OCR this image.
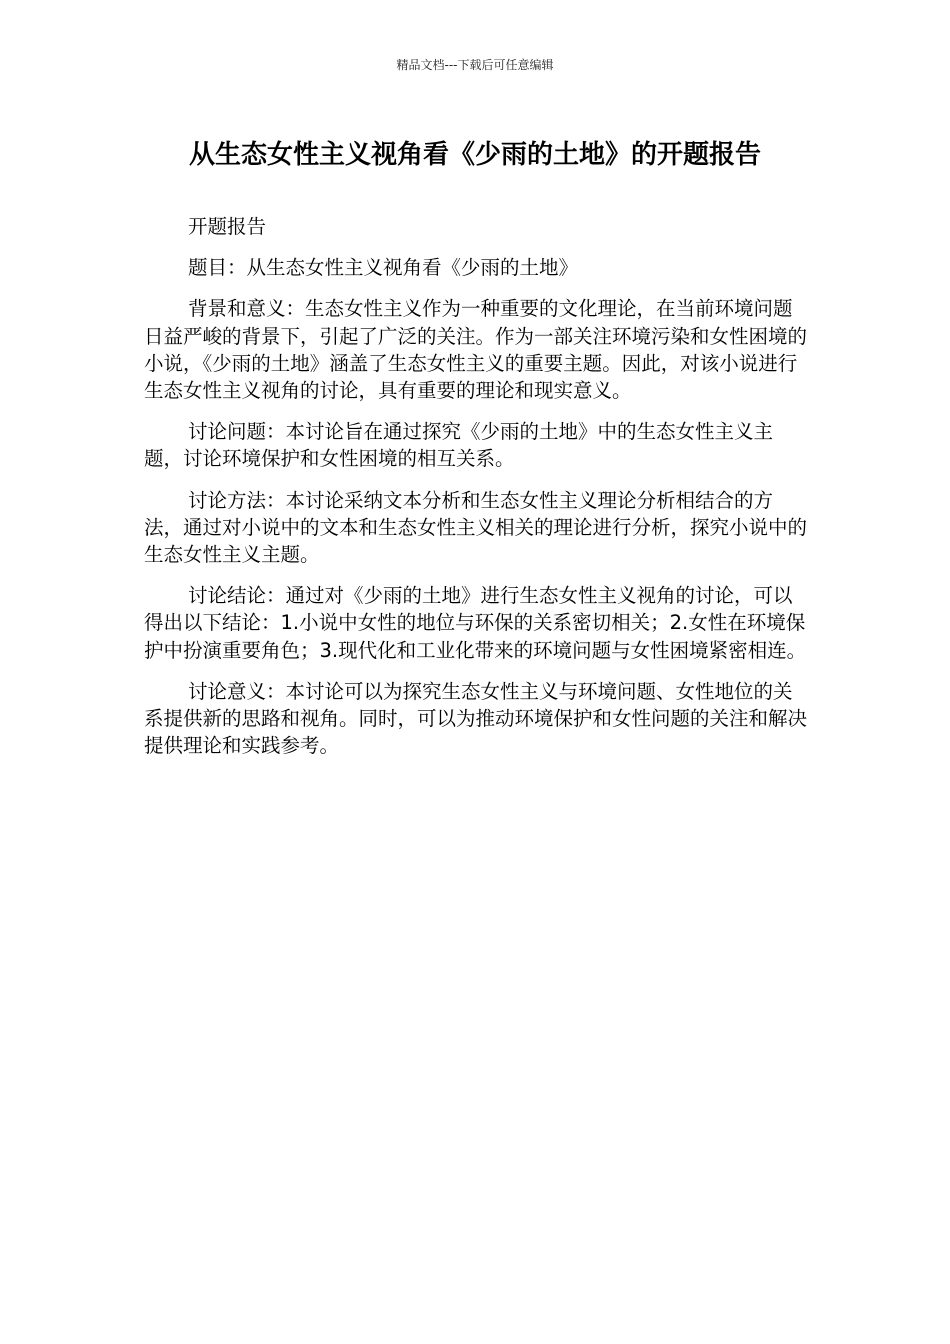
精品文档---下载后可任意编辑
从生态女性主义视角看《少雨的土地》的开题报告

开题报告

题目：从生态女性主义视角看《少雨的土地》

背景和意义：生态女性主义作为一种重要的文化理论，在当前环境问题日益严峻的背景下，引起了广泛的关注。作为一部关注环境污染和女性困境的小说，《少雨的土地》涵盖了生态女性主义的重要主题。因此，对该小说进行生态女性主义视角的讨论，具有重要的理论和现实意义。

讨论问题：本讨论旨在通过探究《少雨的土地》中的生态女性主义主题，讨论环境保护和女性困境的相互关系。

讨论方法：本讨论采纳文本分析和生态女性主义理论分析相结合的方法，通过对小说中的文本和生态女性主义相关的理论进行分析，探究小说中的生态女性主义主题。

讨论结论：通过对《少雨的土地》进行生态女性主义视角的讨论，可以得出以下结论：1.小说中女性的地位与环保的关系密切相关；2.女性在环境保护中扮演重要角色；3.现代化和工业化带来的环境问题与女性困境紧密相连。

讨论意义：本讨论可以为探究生态女性主义与环境问题、女性地位的关系提供新的思路和视角。同时，可以为推动环境保护和女性问题的关注和解决提供理论和实践参考。
